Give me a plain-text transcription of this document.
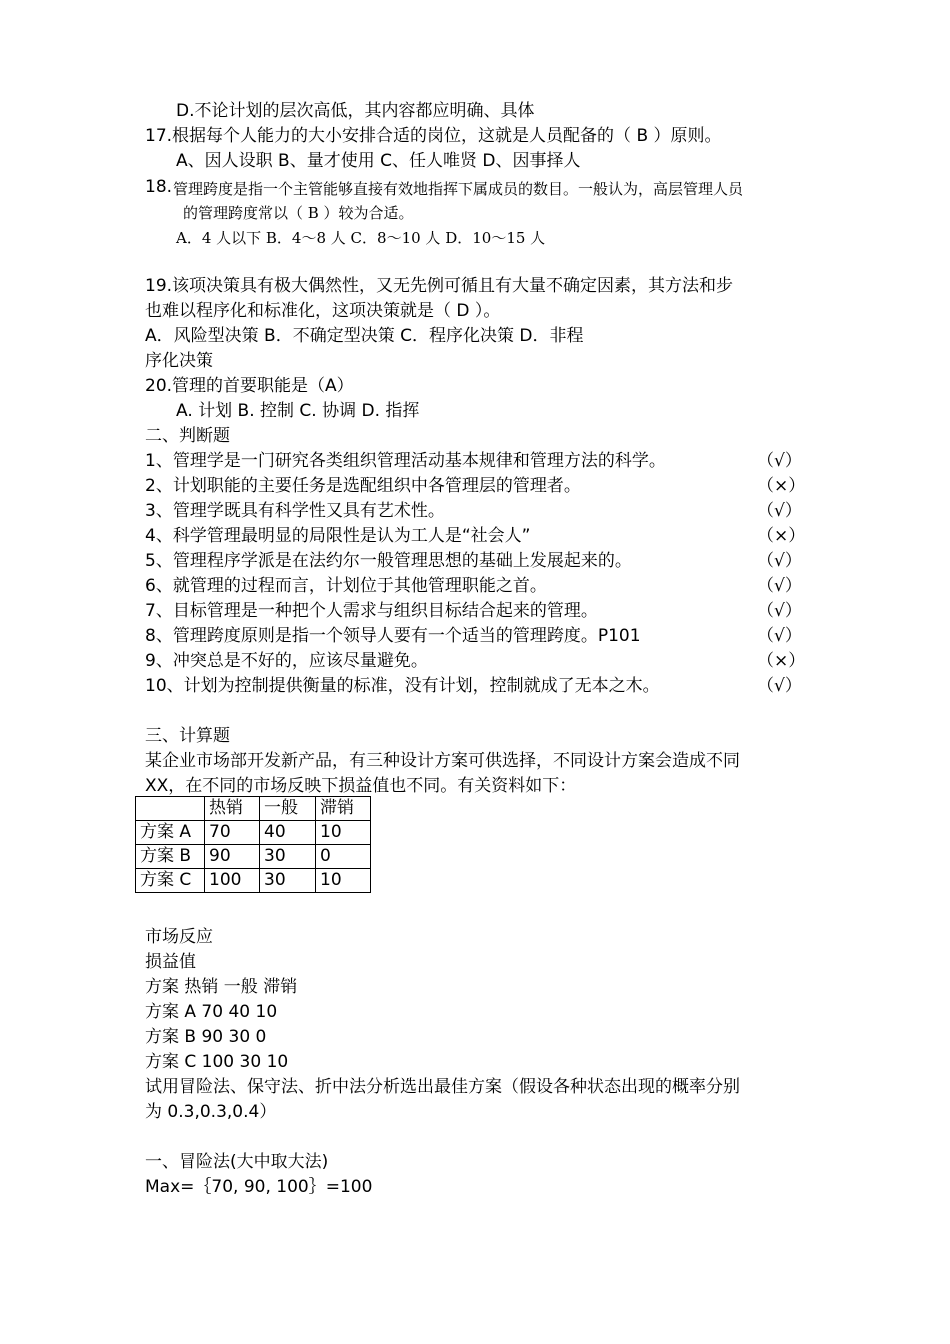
D.不论计划的层次高低，其内容都应明确、具体
17.根据每个人能力的大小安排合适的岗位，这就是人员配备的（ B ）原则。
A、因人设职 B、量才使用 C、任人唯贤 D、因事择人
18. 管理跨度是指一个主管能够直接有效地指挥下属成员的数目。一般认为，高层管理人员
的管理跨度常以（ B ）较为合适。
A．4 人以下 B．4～8 人 C．8～10 人 D．10～15 人
19.该项决策具有极大偶然性，又无先例可循且有大量不确定因素，其方法和步
也难以程序化和标准化，这项决策就是（ D ）。
A．风险型决策 B．不确定型决策 C．程序化决策 D．非程
序化决策
20.管理的首要职能是（A）
A. 计划 B. 控制 C. 协调 D. 指挥
二、判断题
1、管理学是一门研究各类组织管理活动基本规律和管理方法的科学。	（√）
2、计划职能的主要任务是选配组织中各管理层的管理者。	（×）
3、管理学既具有科学性又具有艺术性。	（√）
4、科学管理最明显的局限性是认为工人是“社会人”	（×）
5、管理程序学派是在法约尔一般管理思想的基础上发展起来的。	（√）
6、就管理的过程而言，计划位于其他管理职能之首。	（√）
7、目标管理是一种把个人需求与组织目标结合起来的管理。	（√）
8、管理跨度原则是指一个领导人要有一个适当的管理跨度。P101	（√）
9、冲突总是不好的，应该尽量避免。	（×）
10、计划为控制提供衡量的标准，没有计划，控制就成了无本之木。	（√）
三、计算题
某企业市场部开发新产品，有三种设计方案可供选择，不同设计方案会造成不同
XX，在不同的市场反映下损益值也不同。有关资料如下：
	热销	一般	滞销
方案 A	70	40	10
方案 B	90	30	0
方案 C	100	30	10
市场反应
损益值
方案 热销 一般 滞销
方案 A 70 40 10
方案 B 90 30 0
方案 C 100 30 10
试用冒险法、保守法、折中法分析选出最佳方案（假设各种状态出现的概率分别
为 0.3,0.3,0.4）
一、冒险法(大中取大法)
Max=｛70, 90, 100｝=100
